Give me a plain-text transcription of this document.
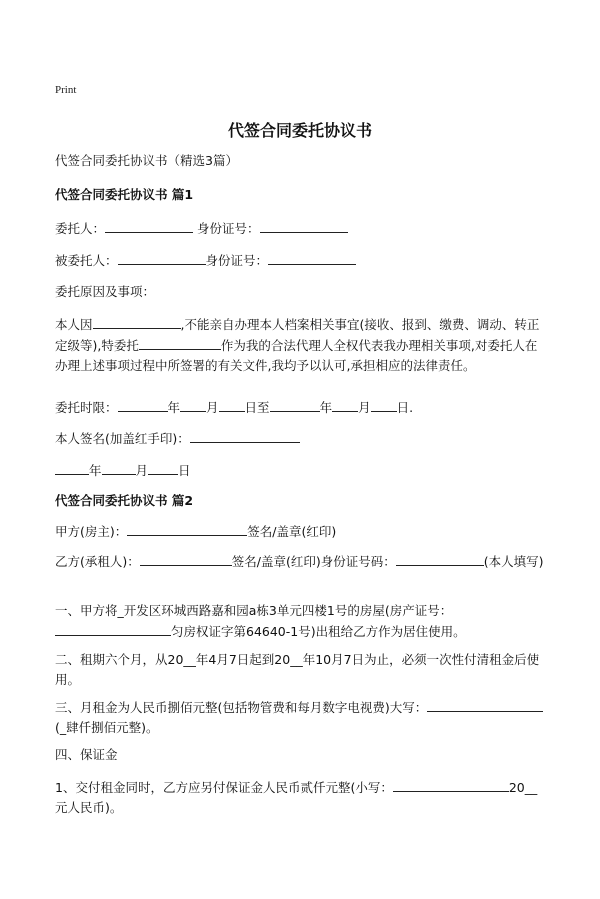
Print
代签合同委托协议书
代签合同委托协议书（精选3篇）
代签合同委托协议书 篇1
委托人：	身份证号：
被委托人：	身份证号：
委托原因及事项：
本人因	,不能亲自办理本人档案相关事宜(接收、报到、缴费、调动、转正定级等),特委托	作为我的合法代理人全权代表我办理相关事项,对委托人在办理上述事项过程中所签署的有关文件,我均予以认可,承担相应的法律责任。
委托时限：	年 月 日至	年 月 日.
本人签名(加盖红手印)：
年	月 日
代签合同委托协议书 篇2
甲方(房主)：	签名/盖章(红印)
乙方(承租人)：	签名/盖章(红印)身份证号码：	(本人填写)
一、甲方将_开发区环城西路嘉和园a栋3单元四楼1号的房屋(房产证号：匀房权证字第64640-1号)出租给乙方作为居住使用。
二、租期六个月，从20__年4月7日起到20__年10月7日为止，必须一次性付清租金后使用。
三、月租金为人民币捌佰元整(包括物管费和每月数字电视费)大写：(_肆仟捌佰元整)。
四、保证金
1、交付租金同时，乙方应另付保证金人民币贰仟元整(小写：	20__元人民币)。
